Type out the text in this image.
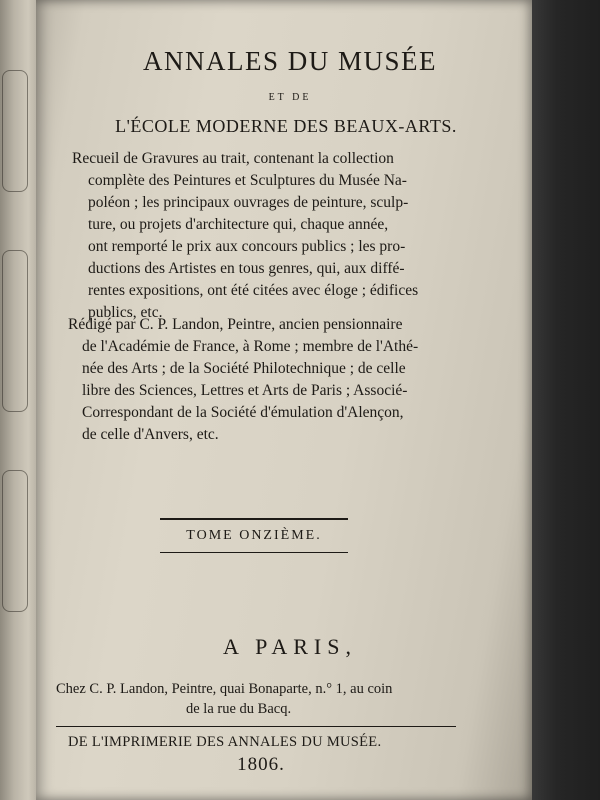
ANNALES DU MUSÉE
ET DE
L'ÉCOLE MODERNE DES BEAUX-ARTS.
Recueil de Gravures au trait, contenant la collection
complète des Peintures et Sculptures du Musée Na-
poléon ; les principaux ouvrages de peinture, sculp-
ture, ou projets d'architecture qui, chaque année,
ont remporté le prix aux concours publics ; les pro-
ductions des Artistes en tous genres, qui, aux diffé-
rentes expositions, ont été citées avec éloge ; édifices
publics, etc.
Rédigé par C. P. Landon, Peintre, ancien pensionnaire
de l'Académie de France, à Rome ; membre de l'Athé-
née des Arts ; de la Société Philotechnique ; de celle
libre des Sciences, Lettres et Arts de Paris ; Associé-
Correspondant de la Société d'émulation d'Alençon,
de celle d'Anvers, etc.
TOME ONZIÈME.
A PARIS,
Chez C. P. Landon, Peintre, quai Bonaparte, n.° 1, au coin
de la rue du Bacq.
DE L'IMPRIMERIE DES ANNALES DU MUSÉE.
1806.
